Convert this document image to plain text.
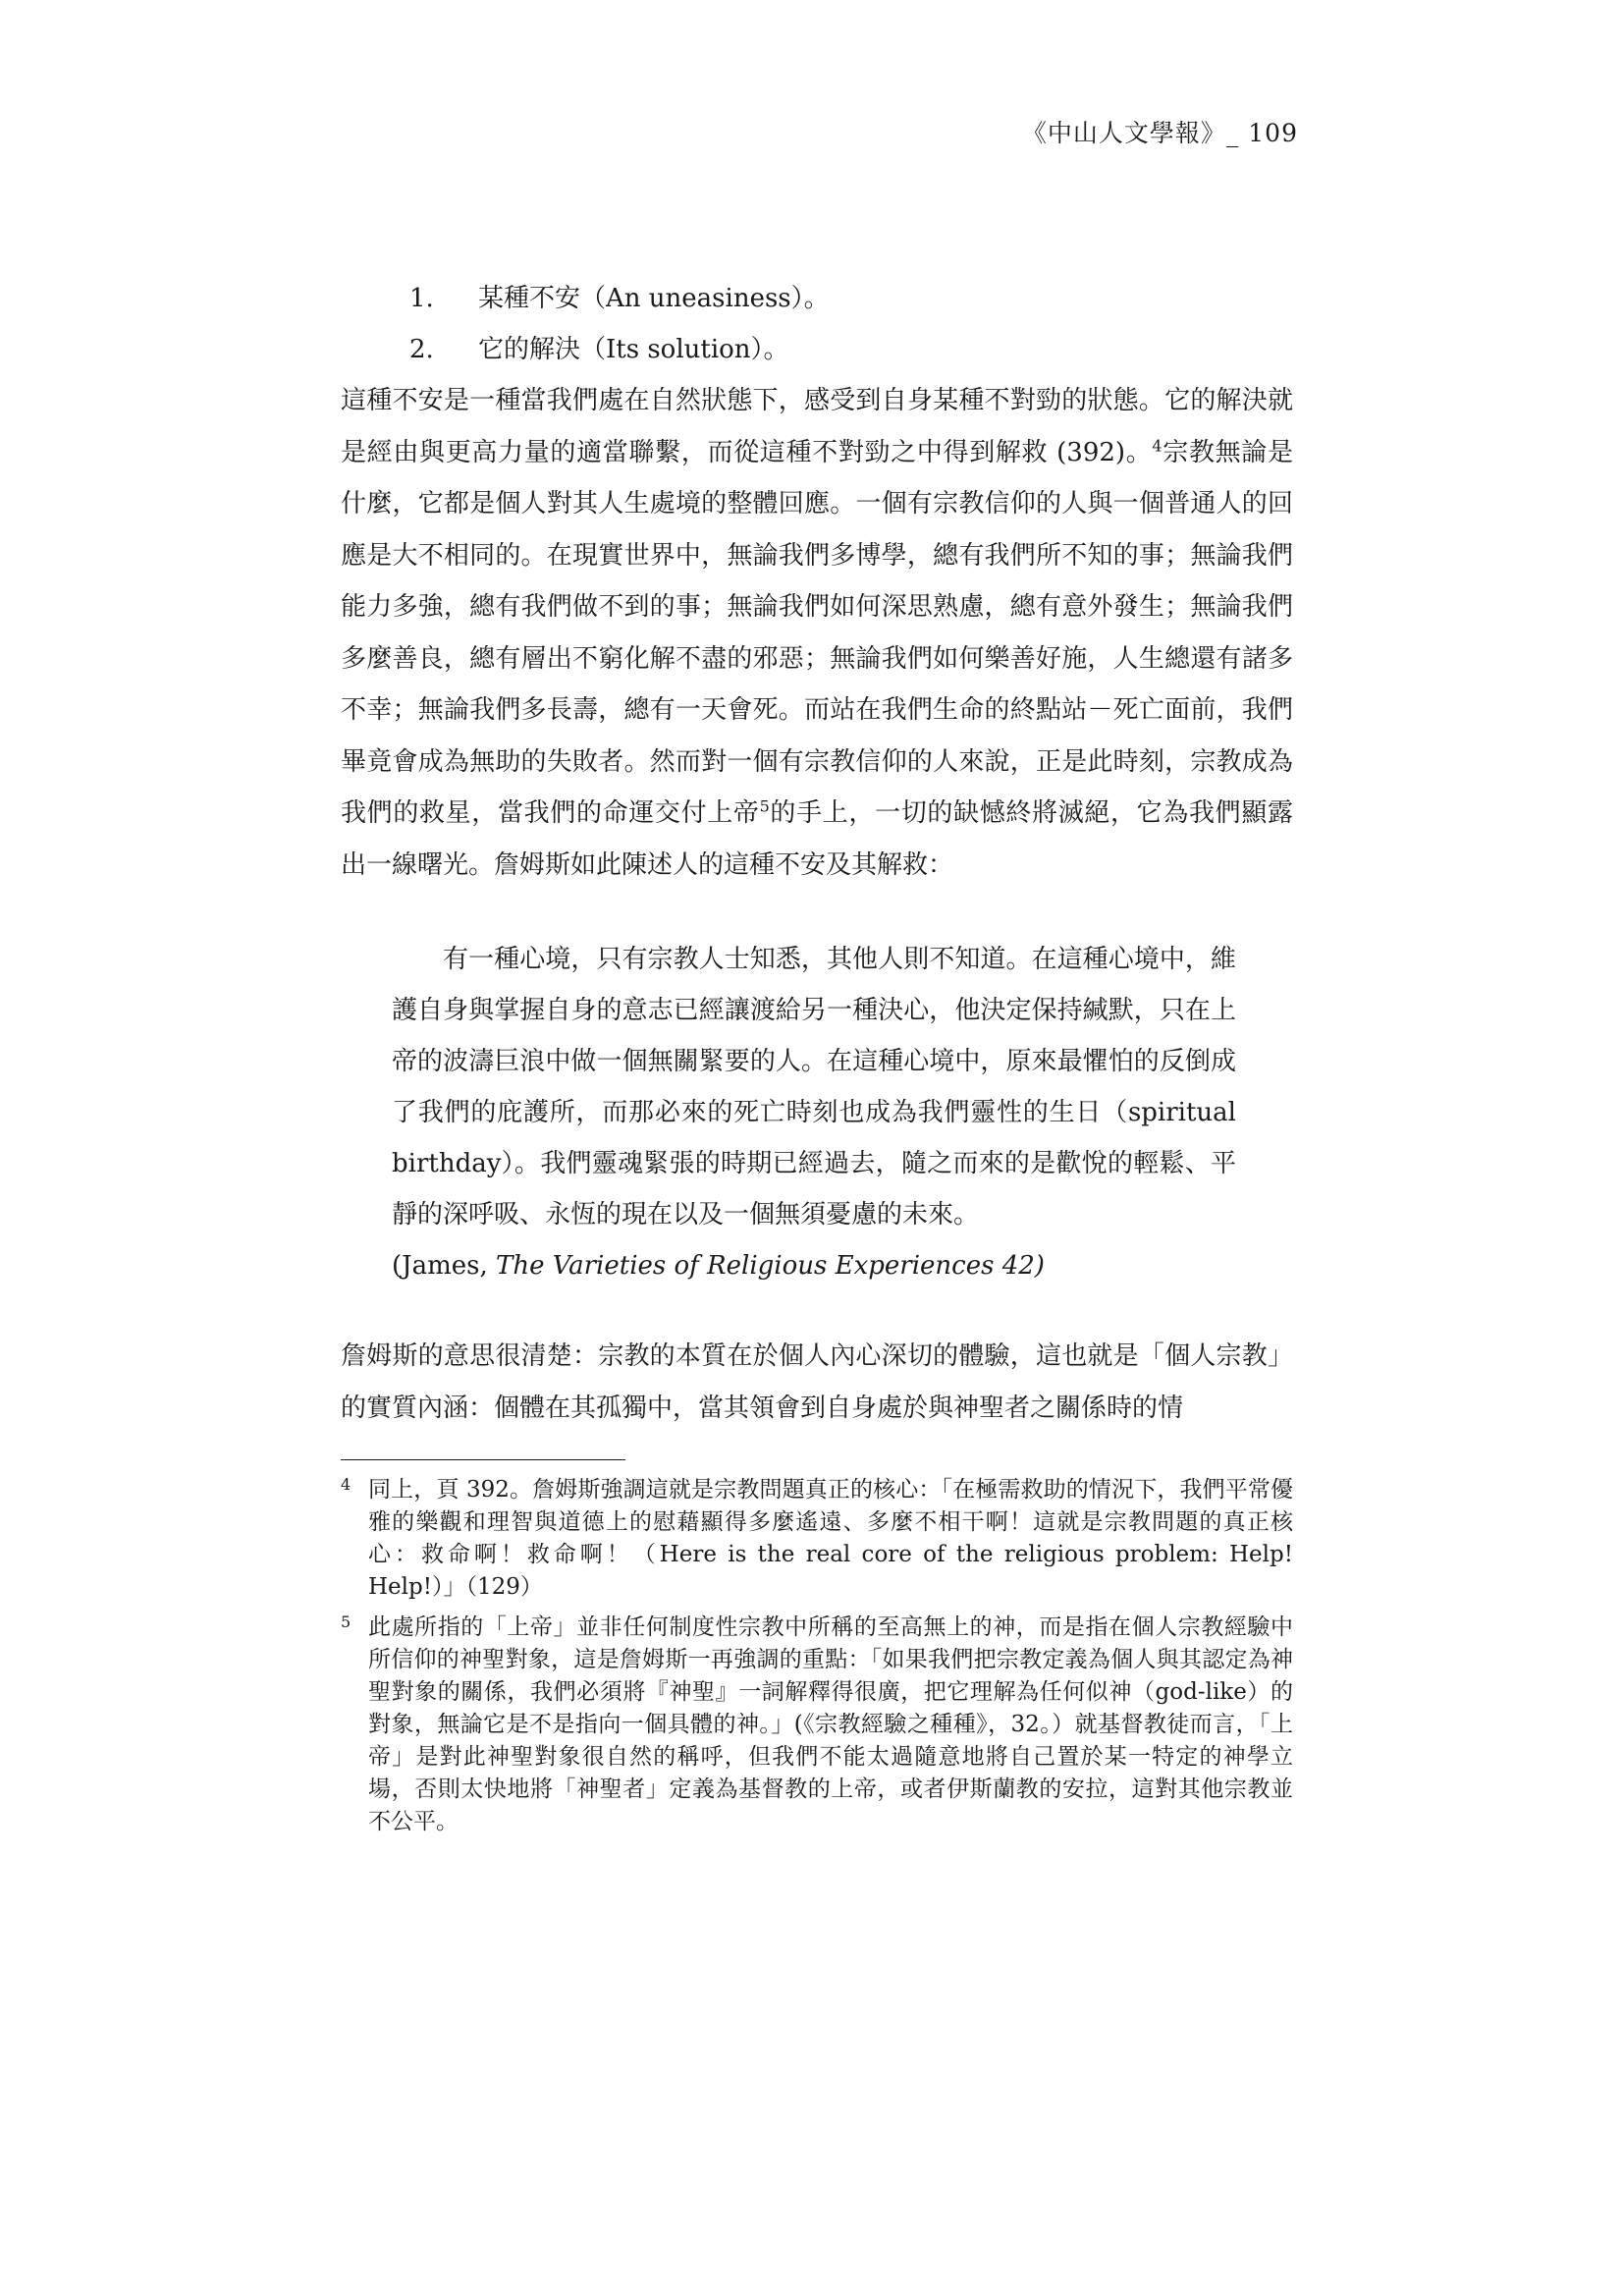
《中山人文學報》_ 109
1.	某種不安（An uneasiness）。
2.	它的解決（Its solution）。

這種不安是一種當我們處在自然狀態下，感受到自身某種不對勁的狀態。它的解決就是經由與更高力量的適當聯繫，而從這種不對勁之中得到解救 (392)。$^4$宗教無論是什麼，它都是個人對其人生處境的整體回應。一個有宗教信仰的人與一個普通人的回應是大不相同的。在現實世界中，無論我們多博學，總有我們所不知的事；無論我們能力多強，總有我們做不到的事；無論我們如何深思熟慮，總有意外發生；無論我們多麼善良，總有層出不窮化解不盡的邪惡；無論我們如何樂善好施，人生總還有諸多不幸；無論我們多長壽，總有一天會死。而站在我們生命的終點站－死亡面前，我們畢竟會成為無助的失敗者。然而對一個有宗教信仰的人來說，正是此時刻，宗教成為我們的救星，當我們的命運交付上帝$^5$的手上，一切的缺憾終將滅絕，它為我們顯露出一線曙光。詹姆斯如此陳述人的這種不安及其解救：

有一種心境，只有宗教人士知悉，其他人則不知道。在這種心境中，維護自身與掌握自身的意志已經讓渡給另一種決心，他決定保持緘默，只在上帝的波濤巨浪中做一個無關緊要的人。在這種心境中，原來最懼怕的反倒成了我們的庇護所，而那必來的死亡時刻也成為我們靈性的生日（spiritual birthday）。我們靈魂緊張的時期已經過去，隨之而來的是歡悅的輕鬆、平靜的深呼吸、永恆的現在以及一個無須憂慮的未來。
(James, The Varieties of Religious Experiences 42)

詹姆斯的意思很清楚：宗教的本質在於個人內心深切的體驗，這也就是「個人宗教」的實質內涵：個體在其孤獨中，當其領會到自身處於與神聖者之關係時的情

4 同上，頁 392。詹姆斯強調這就是宗教問題真正的核心：「在極需救助的情況下，我們平常優雅的樂觀和理智與道德上的慰藉顯得多麼遙遠、多麼不相干啊！這就是宗教問題的真正核心：救命啊！救命啊！（Here is the real core of the religious problem: Help! Help!）」（129）
5 此處所指的「上帝」並非任何制度性宗教中所稱的至高無上的神，而是指在個人宗教經驗中所信仰的神聖對象，這是詹姆斯一再強調的重點：「如果我們把宗教定義為個人與其認定為神聖對象的關係，我們必須將『神聖』一詞解釋得很廣，把它理解為任何似神（god-like）的對象，無論它是不是指向一個具體的神。」(《宗教經驗之種種》，32。）就基督教徒而言，「上帝」是對此神聖對象很自然的稱呼，但我們不能太過隨意地將自己置於某一特定的神學立場，否則太快地將「神聖者」定義為基督教的上帝，或者伊斯蘭教的安拉，這對其他宗教並不公平。
